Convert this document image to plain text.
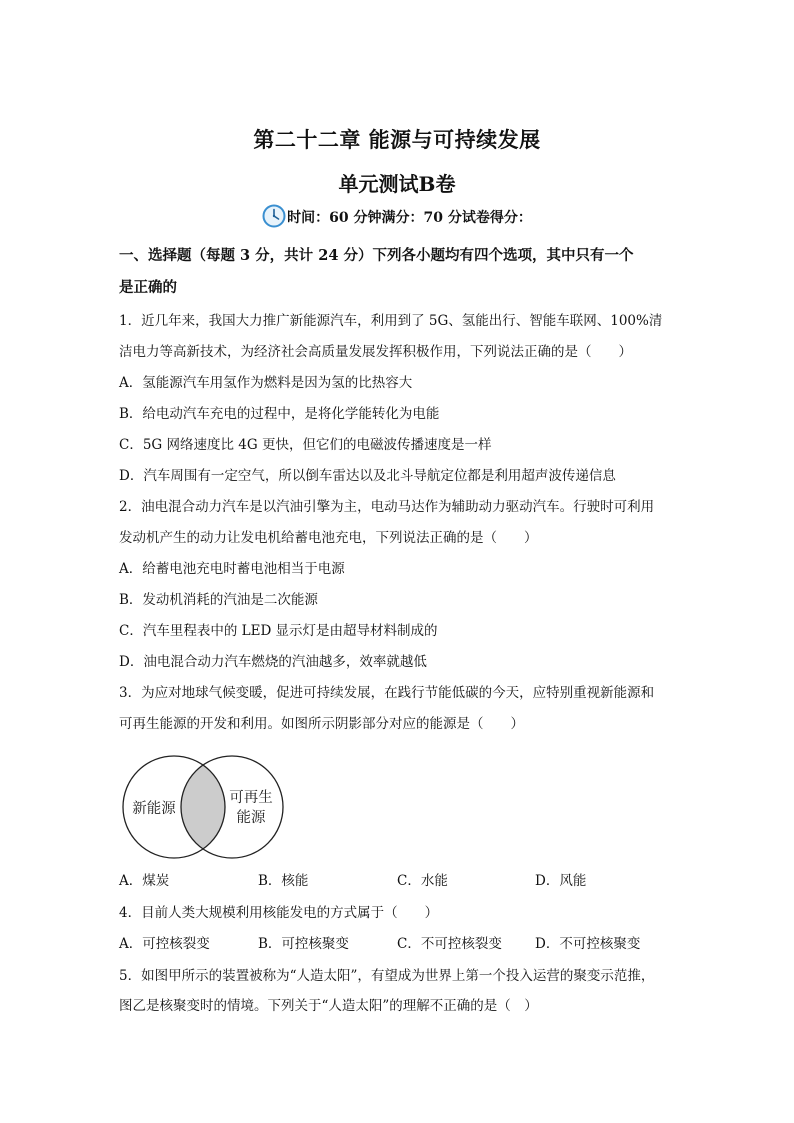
第二十二章 能源与可持续发展
单元测试B卷
时间：60 分钟满分：70 分试卷得分：
一、选择题（每题 3 分，共计 24 分）下列各小题均有四个选项，其中只有一个
是正确的
1．近几年来，我国大力推广新能源汽车，利用到了 5G、氢能出行、智能车联网、100%清
洁电力等高新技术，为经济社会高质量发展发挥积极作用，下列说法正确的是（　　）
A．氢能源汽车用氢作为燃料是因为氢的比热容大
B．给电动汽车充电的过程中，是将化学能转化为电能
C．5G 网络速度比 4G 更快，但它们的电磁波传播速度是一样
D．汽车周围有一定空气，所以倒车雷达以及北斗导航定位都是利用超声波传递信息
2．油电混合动力汽车是以汽油引擎为主，电动马达作为辅助动力驱动汽车。行驶时可利用
发动机产生的动力让发电机给蓄电池充电，下列说法正确的是（　　）
A．给蓄电池充电时蓄电池相当于电源
B．发动机消耗的汽油是二次能源
C．汽车里程表中的 LED 显示灯是由超导材料制成的
D．油电混合动力汽车燃烧的汽油越多，效率就越低
3．为应对地球气候变暖，促进可持续发展，在践行节能低碳的今天，应特别重视新能源和
可再生能源的开发和利用。如图所示阴影部分对应的能源是（　　）
新能源
可再生
能源
A．煤炭	B．核能	C．水能	D．风能
4．目前人类大规模利用核能发电的方式属于（　　）
A．可控核裂变	B．可控核聚变	C．不可控核裂变 D．不可控核聚变
5．如图甲所示的装置被称为“人造太阳”，有望成为世界上第一个投入运营的聚变示范推，
图乙是核聚变时的情境。下列关于“人造太阳”的理解不正确的是（　）
